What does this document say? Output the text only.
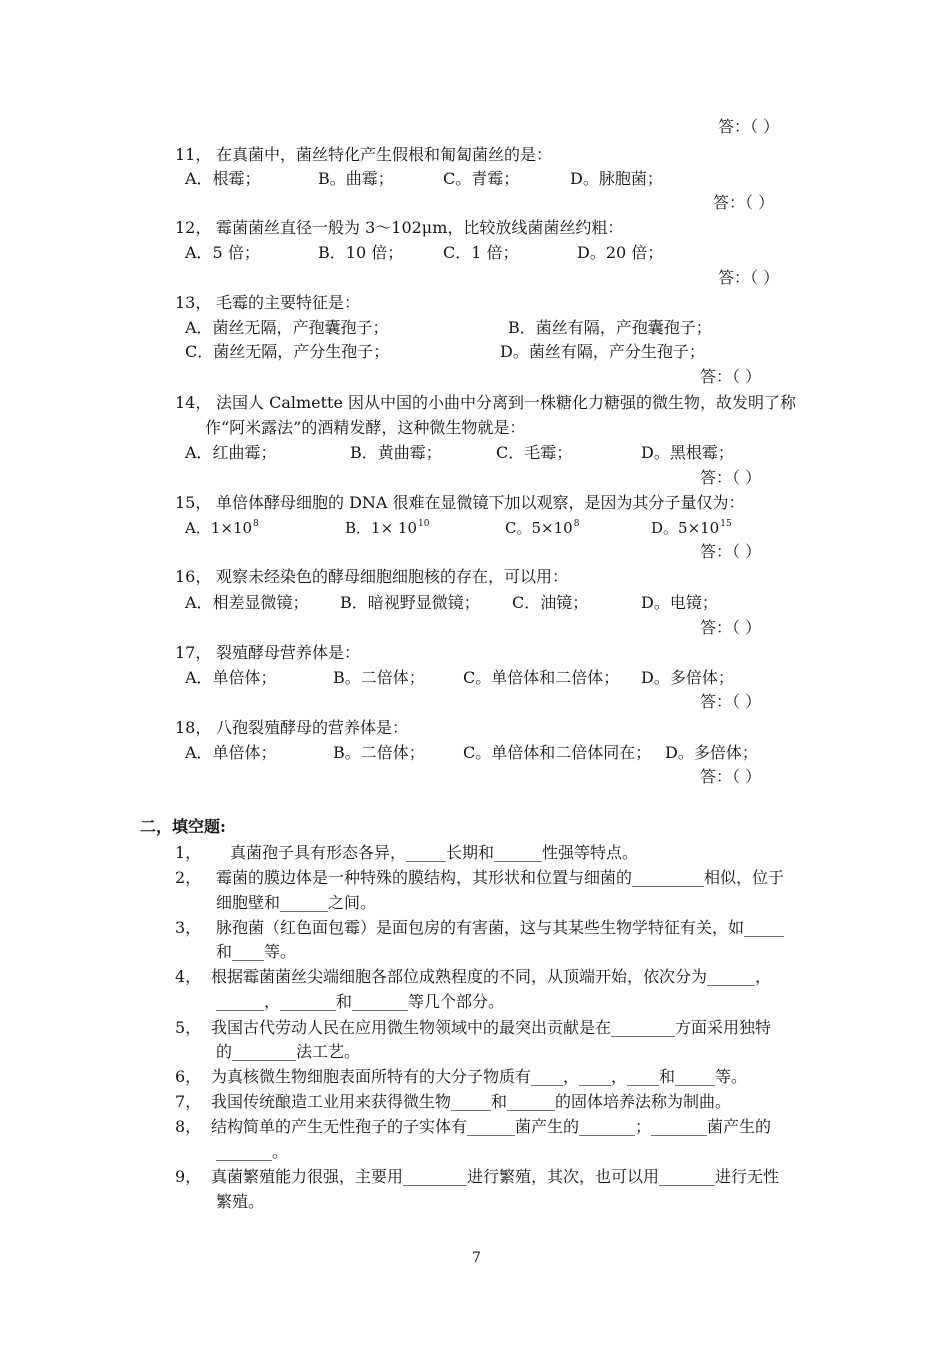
答：（ ）
11， 在真菌中，菌丝特化产生假根和匍匐菌丝的是：
A．根霉；	B。曲霉；	C。青霉；	D。脉胞菌；
答：（ ）
12， 霉菌菌丝直径一般为 3～102μm，比较放线菌菌丝约粗：
A．5 倍；	B．10 倍； C．1 倍；	D。20 倍；
答：（ ）
13， 毛霉的主要特征是：
A．菌丝无隔，产孢囊孢子；	B．菌丝有隔，产孢囊孢子；
C．菌丝无隔，产分生孢子；	D。菌丝有隔，产分生孢子；
答：（ ）
14， 法国人 Calmette 因从中国的小曲中分离到一株糖化力糖强的微生物，故发明了称
作“阿米露法”的酒精发酵，这种微生物就是：
A．红曲霉；	B．黄曲霉；	C．毛霉；	D。黑根霉；
答：（ ）
15， 单倍体酵母细胞的 DNA 很难在显微镜下加以观察，是因为其分子量仅为：
A．$1\times 10^8$	B．$1\times 10^{10}$	C。$5\times 10^8$	D。$5\times 10^{15}$
答：（ ）
16， 观察未经染色的酵母细胞细胞核的存在，可以用：
A．相差显微镜； B．暗视野显微镜； C．油镜；	D。电镜；
答：（ ）
17， 裂殖酵母营养体是：
A．单倍体；	B。二倍体； C。单倍体和二倍体； D。多倍体；
答：（ ）
18， 八孢裂殖酵母的营养体是：
A．单倍体；	B。二倍体； C。单倍体和二倍体同在； D。多倍体；
答：（ ）
二，填空题:
1， 真菌孢子具有形态各异，_____长期和______性强等特点。
2， 霉菌的膜边体是一种特殊的膜结构，其形状和位置与细菌的_________相似，位于
细胞壁和______之间。
3， 脉孢菌（红色面包霉）是面包房的有害菌，这与其某些生物学特征有关，如_____
和____等。
4， 根据霉菌菌丝尖端细胞各部位成熟程度的不同，从顶端开始，依次分为______，
______，_______和_______等几个部分。
5， 我国古代劳动人民在应用微生物领域中的最突出贡献是在________方面采用独特
的________法工艺。
6， 为真核微生物细胞表面所特有的大分子物质有____，____，____和_____等。
7， 我国传统酿造工业用来获得微生物_____和______的固体培养法称为制曲。
8， 结构简单的产生无性孢子的子实体有______菌产生的_______；_______菌产生的
_______。
9， 真菌繁殖能力很强，主要用________进行繁殖，其次，也可以用_______进行无性
繁殖。
7
